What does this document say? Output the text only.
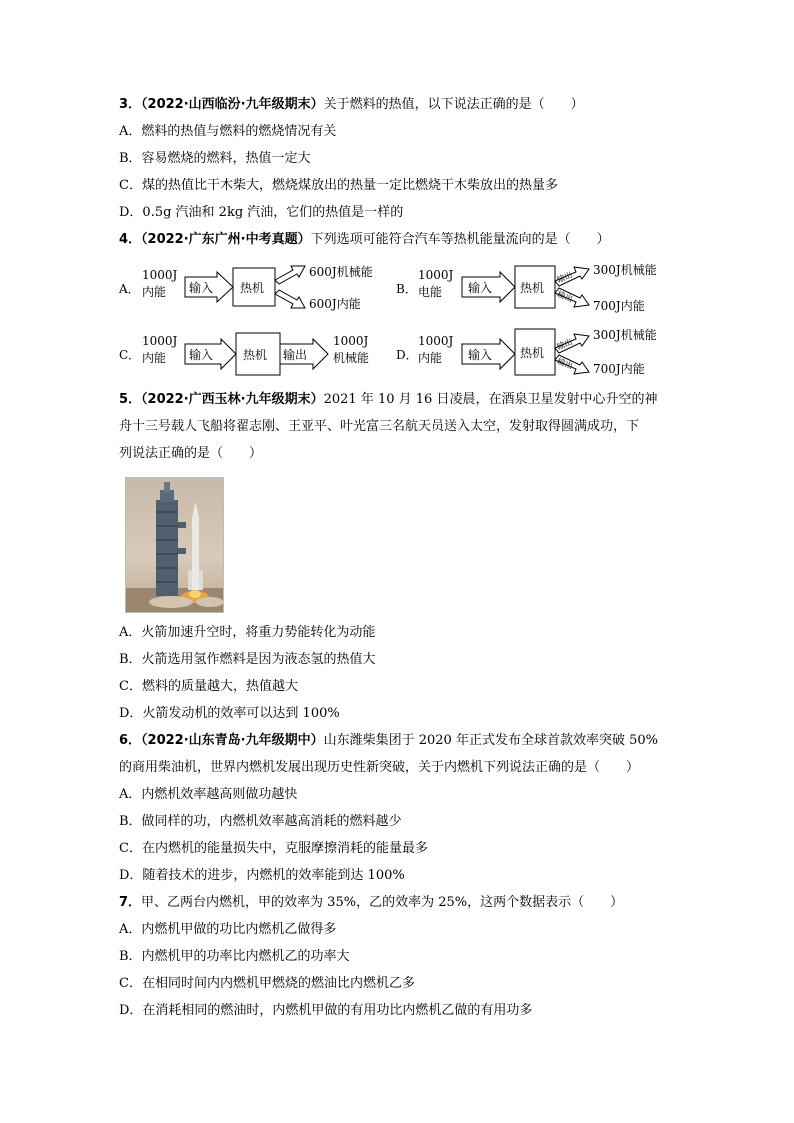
3．（2022·山西临汾·九年级期末）关于燃料的热值，以下说法正确的是（　　）
A．燃料的热值与燃料的燃烧情况有关
B．容易燃烧的燃料，热值一定大
C．煤的热值比干木柴大，燃烧煤放出的热量一定比燃烧干木柴放出的热量多
D．0.5g 汽油和 2kg 汽油，它们的热值是一样的
4．（2022·广东广州·中考真题）下列选项可能符合汽车等热机能量流向的是（　　）
A．
1000J
内能 输入 热机
600J机械能
600J内能
B．
1000J
电能 输入 热机
输出
输出
300J机械能
700J内能
C．
1000J
内能 输入 热机 输出
1000J
机械能 D．
1000J
内能 输入 热机
输出
输出
300J机械能
700J内能
5．（2022·广西玉林·九年级期末）2021 年 10 月 16 日凌晨，在酒泉卫星发射中心升空的神
舟十三号载人飞船将翟志刚、王亚平、叶光富三名航天员送入太空，发射取得圆满成功，下
列说法正确的是（　　）
A．火箭加速升空时，将重力势能转化为动能
B．火箭选用氢作燃料是因为液态氢的热值大
C．燃料的质量越大，热值越大
D．火箭发动机的效率可以达到 100%
6．（2022·山东青岛·九年级期中）山东潍柴集团于 2020 年正式发布全球首款效率突破 50%
的商用柴油机，世界内燃机发展出现历史性新突破，关于内燃机下列说法正确的是（　　）
A．内燃机效率越高则做功越快
B．做同样的功，内燃机效率越高消耗的燃料越少
C．在内燃机的能量损失中，克服摩擦消耗的能量最多
D．随着技术的进步，内燃机的效率能到达 100%
7．甲、乙两台内燃机，甲的效率为 35%，乙的效率为 25%，这两个数据表示（　　）
A．内燃机甲做的功比内燃机乙做得多
B．内燃机甲的功率比内燃机乙的功率大
C．在相同时间内内燃机甲燃烧的燃油比内燃机乙多
D．在消耗相同的燃油时，内燃机甲做的有用功比内燃机乙做的有用功多
